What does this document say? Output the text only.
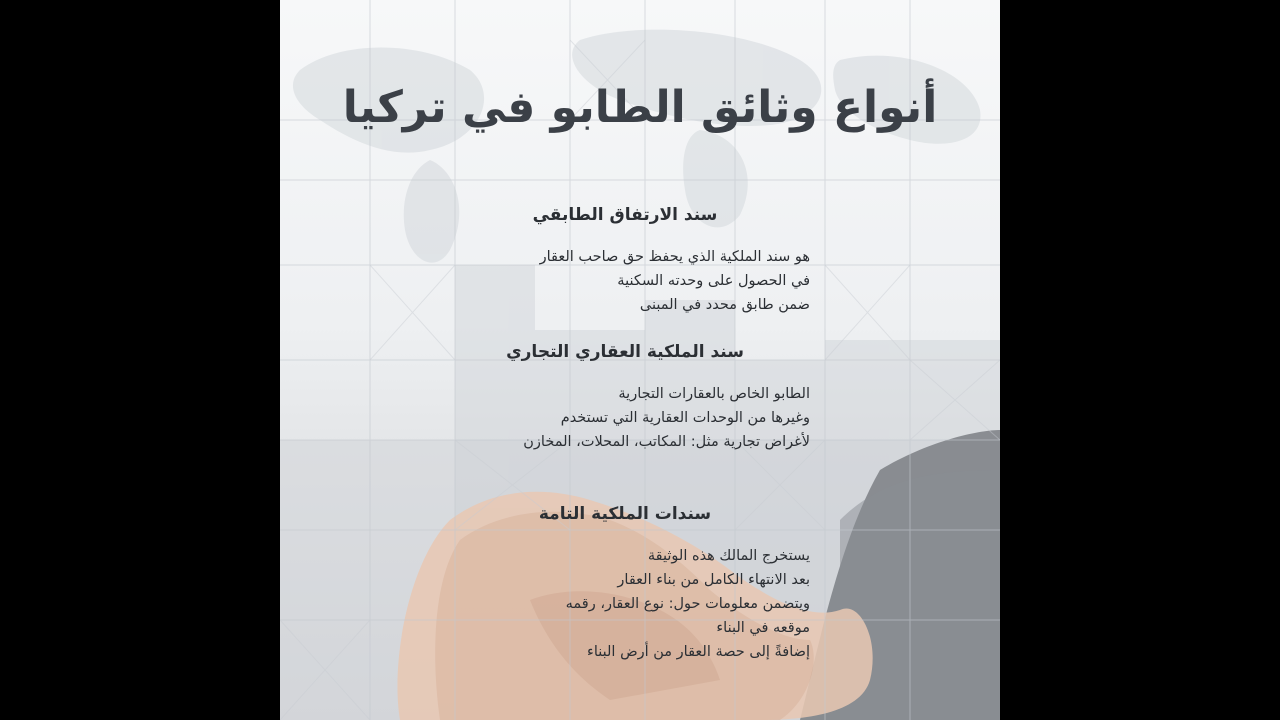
أنواع وثائق الطابو في تركيا

سند الارتفاق الطابقي

هو سند الملكية الذي يحفظ حق صاحب العقار
في الحصول على وحدته السكنية
ضمن طابق محدد في المبنى

سند الملكية العقاري التجاري

الطابو الخاص بالعقارات التجارية
وغيرها من الوحدات العقارية التي تستخدم
لأغراض تجارية مثل: المكاتب، المحلات، المخازن

سندات الملكية التامة

يستخرج المالك هذه الوثيقة
بعد الانتهاء الكامل من بناء العقار
ويتضمن معلومات حول: نوع العقار، رقمه
موقعه في البناء
إضافةً إلى حصة العقار من أرض البناء
